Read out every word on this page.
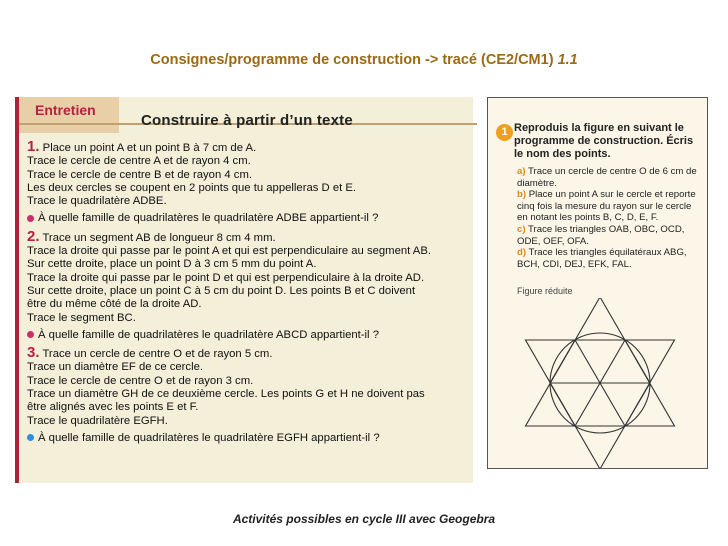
Consignes/programme de construction -> tracé (CE2/CM1) 1.1
Entretien
Construire à partir d’un texte

1. Place un point A et un point B à 7 cm de A.

Trace le cercle de centre A et de rayon 4 cm.

Trace le cercle de centre B et de rayon 4 cm.

Les deux cercles se coupent en 2 points que tu appelleras D et E.

Trace le quadrilatère ADBE.

À quelle famille de quadrilatères le quadrilatère ADBE appartient-il ?

2. Trace un segment AB de longueur 8 cm 4 mm.

Trace la droite qui passe par le point A et qui est perpendiculaire au segment AB.

Sur cette droite, place un point D à 3 cm 5 mm du point A.

Trace la droite qui passe par le point D et qui est perpendiculaire à la droite AD.

Sur cette droite, place un point C à 5 cm du point D. Les points B et C doivent

être du même côté de la droite AD.

Trace le segment BC.

À quelle famille de quadrilatères le quadrilatère ABCD appartient-il ?

3. Trace un cercle de centre O et de rayon 5 cm.

Trace un diamètre EF de ce cercle.

Trace le cercle de centre O et de rayon 3 cm.

Trace un diamètre GH de ce deuxième cercle. Les points G et H ne doivent pas

être alignés avec les points E et F.

Trace le quadrilatère EGFH.

À quelle famille de quadrilatères le quadrilatère EGFH appartient-il ?

1 Reproduis la figure en suivant le programme de construction. Écris le nom des points.

a) Trace un cercle de centre O de 6 cm de diamètre.

b) Place un point A sur le cercle et reporte cinq fois la mesure du rayon sur le cercle en notant les points B, C, D, E, F.

c) Trace les triangles OAB, OBC, OCD, ODE, OEF, OFA.

d) Trace les triangles équilatéraux ABG, BCH, CDI, DEJ, EFK, FAL.

Figure réduite
Activités possibles en cycle III avec Geogebra
